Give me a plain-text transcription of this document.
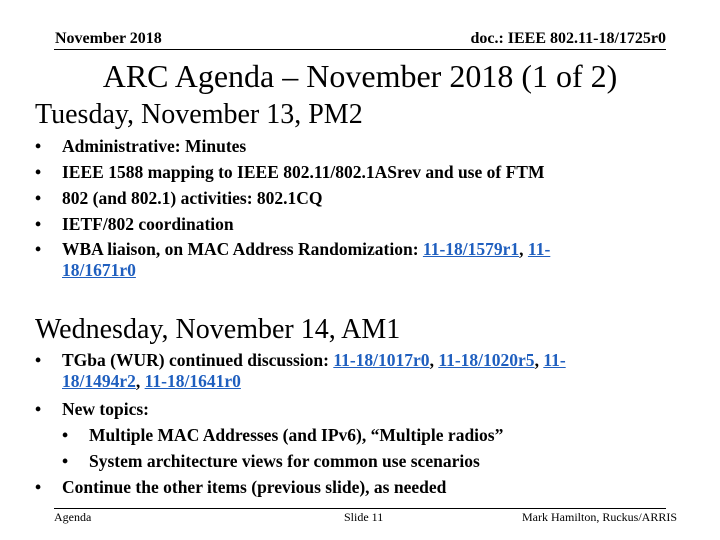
November 2018	doc.: IEEE 802.11-18/1725r0
ARC Agenda – November 2018 (1 of 2)
Tuesday, November 13, PM2
• Administrative: Minutes
• IEEE 1588 mapping to IEEE 802.11/802.1ASrev and use of FTM
• 802 (and 802.1) activities: 802.1CQ
• IETF/802 coordination
• WBA liaison, on MAC Address Randomization: 11-18/1579r1, 11-
18/1671r0
Wednesday, November 14, AM1
• TGba (WUR) continued discussion: 11-18/1017r0, 11-18/1020r5, 11-
18/1494r2, 11-18/1641r0
• New topics:
• Multiple MAC Addresses (and IPv6), “Multiple radios”
• System architecture views for common use scenarios
• Continue the other items (previous slide), as needed
Agenda	Slide 11	Mark Hamilton, Ruckus/ARRIS
